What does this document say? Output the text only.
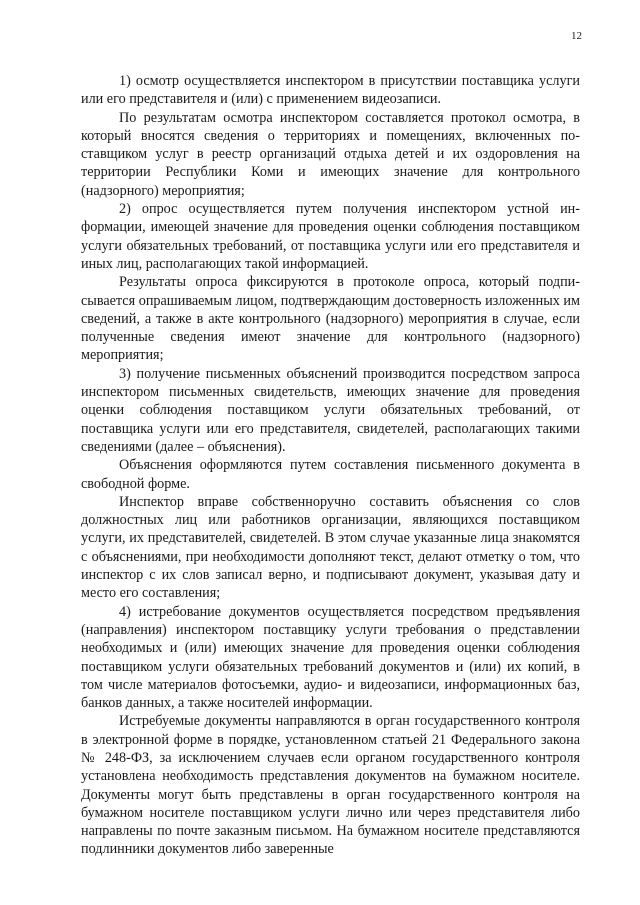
12

1) осмотр осуществляется инспектором в присутствии поставщика услуги или его представителя и (или) с применением видеозаписи.

По результатам осмотра инспектором составляется протокол осмотра, в который вносятся сведения о территориях и помещениях, включенных поставщиком услуг в реестр организаций отдыха детей и их оздоровления на территории Республики Коми и имеющих значение для контрольного (надзорного) мероприятия;

2) опрос осуществляется путем получения инспектором устной информации, имеющей значение для проведения оценки соблюдения поставщиком услуги обязательных требований, от поставщика услуги или его представителя и иных лиц, располагающих такой информацией.

Результаты опроса фиксируются в протоколе опроса, который подписывается опрашиваемым лицом, подтверждающим достоверность изложенных им сведений, а также в акте контрольного (надзорного) мероприятия в случае, если полученные сведения имеют значение для контрольного (надзорного) мероприятия;

3) получение письменных объяснений производится посредством запроса инспектором письменных свидетельств, имеющих значение для проведения оценки соблюдения поставщиком услуги обязательных требований, от поставщика услуги или его представителя, свидетелей, располагающих такими сведениями (далее – объяснения).

Объяснения оформляются путем составления письменного документа в свободной форме.

Инспектор вправе собственноручно составить объяснения со слов должностных лиц или работников организации, являющихся поставщиком услуги, их представителей, свидетелей. В этом случае указанные лица знакомятся с объяснениями, при необходимости дополняют текст, делают отметку о том, что инспектор с их слов записал верно, и подписывают документ, указывая дату и место его составления;

4) истребование документов осуществляется посредством предъявления (направления) инспектором поставщику услуги требования о представлении необходимых и (или) имеющих значение для проведения оценки соблюдения поставщиком услуги обязательных требований документов и (или) их копий, в том числе материалов фотосъемки, аудио- и видеозаписи, информационных баз, банков данных, а также носителей информации.

Истребуемые документы направляются в орган государственного контроля в электронной форме в порядке, установленном статьей 21 Федерального закона № 248-ФЗ, за исключением случаев если органом государственного контроля установлена необходимость представления документов на бумажном носителе. Документы могут быть представлены в орган государственного контроля на бумажном носителе поставщиком услуги лично или через представителя либо направлены по почте заказным письмом. На бумажном носителе представляются подлинники документов либо заверенные
